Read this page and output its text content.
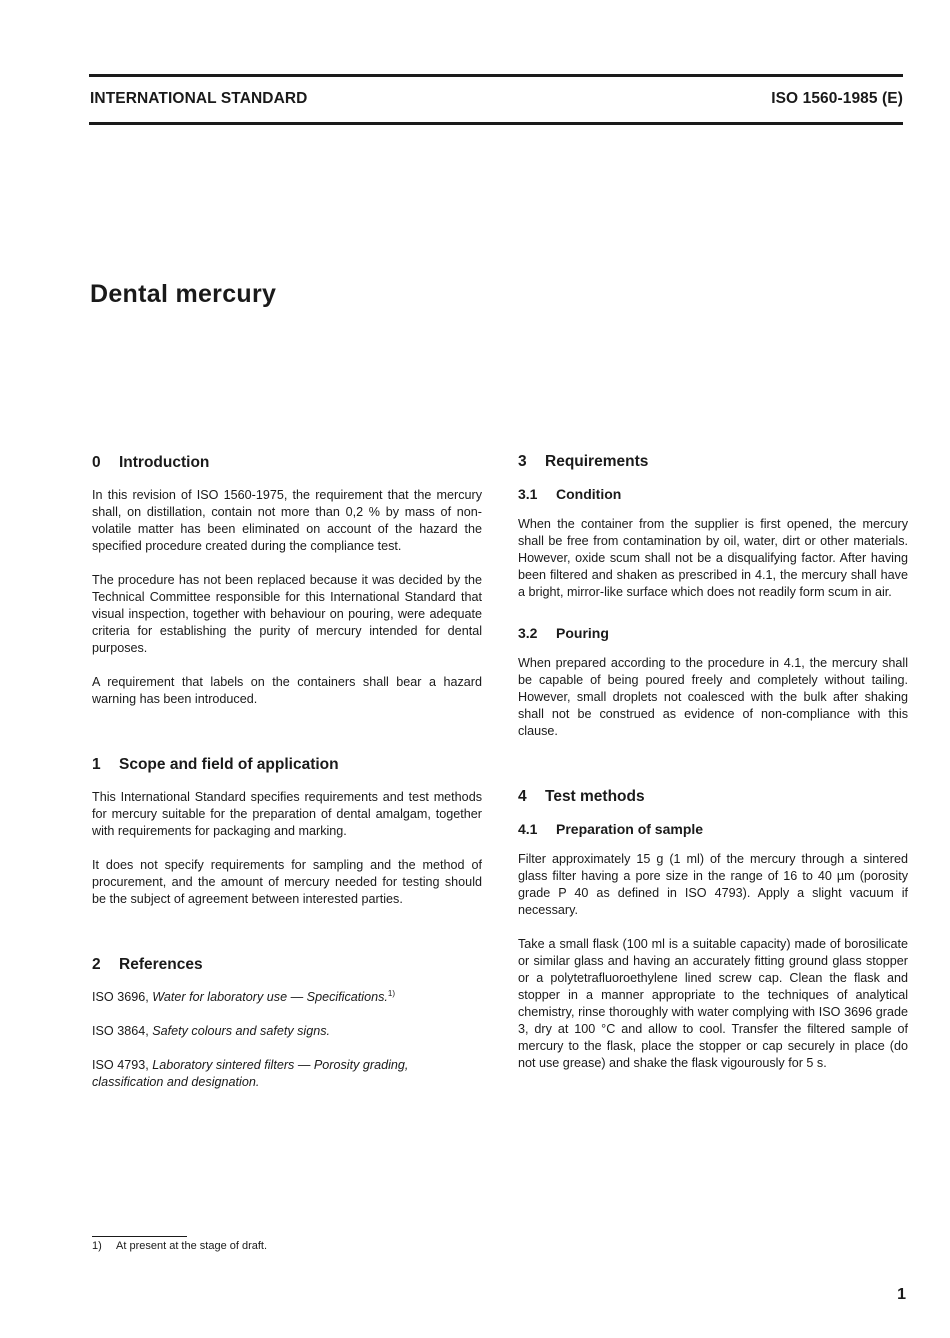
INTERNATIONAL STANDARD	ISO 1560-1985 (E)
Dental mercury
0 Introduction

In this revision of ISO 1560-1975, the requirement that the mercury shall, on distillation, contain not more than 0,2 % by mass of non-volatile matter has been eliminated on account of the hazard the specified procedure created during the compliance test.

The procedure has not been replaced because it was decided by the Technical Committee responsible for this International Standard that visual inspection, together with behaviour on pouring, were adequate criteria for establishing the purity of mercury intended for dental purposes.

A requirement that labels on the containers shall bear a hazard warning has been introduced.

1 Scope and field of application

This International Standard specifies requirements and test methods for mercury suitable for the preparation of dental amalgam, together with requirements for packaging and marking.

It does not specify requirements for sampling and the method of procurement, and the amount of mercury needed for testing should be the subject of agreement between interested parties.

2 References
ISO 3696, Water for laboratory use — Specifications.$^{1)}$
ISO 3864, Safety colours and safety signs.
ISO 4793, Laboratory sintered filters — Porosity grading, classification and designation.
3 Requirements
3.1 Condition

When the container from the supplier is first opened, the mercury shall be free from contamination by oil, water, dirt or other materials. However, oxide scum shall not be a disqualifying factor. After having been filtered and shaken as prescribed in 4.1, the mercury shall have a bright, mirror-like surface which does not readily form scum in air.

3.2 Pouring

When prepared according to the procedure in 4.1, the mercury shall be capable of being poured freely and completely without tailing. However, small droplets not coalesced with the bulk after shaking shall not be construed as evidence of non-compliance with this clause.

4 Test methods
4.1 Preparation of sample

Filter approximately 15 g (1 ml) of the mercury through a sintered glass filter having a pore size in the range of 16 to 40 µm (porosity grade P 40 as defined in ISO 4793). Apply a slight vacuum if necessary.

Take a small flask (100 ml is a suitable capacity) made of borosilicate or similar glass and having an accurately fitting ground glass stopper or a polytetrafluoroethylene lined screw cap. Clean the flask and stopper in a manner appropriate to the techniques of analytical chemistry, rinse thoroughly with water complying with ISO 3696 grade 3, dry at 100 °C and allow to cool. Transfer the filtered sample of mercury to the flask, place the stopper or cap securely in place (do not use grease) and shake the flask vigourously for 5 s.

1) At present at the stage of draft.
1
